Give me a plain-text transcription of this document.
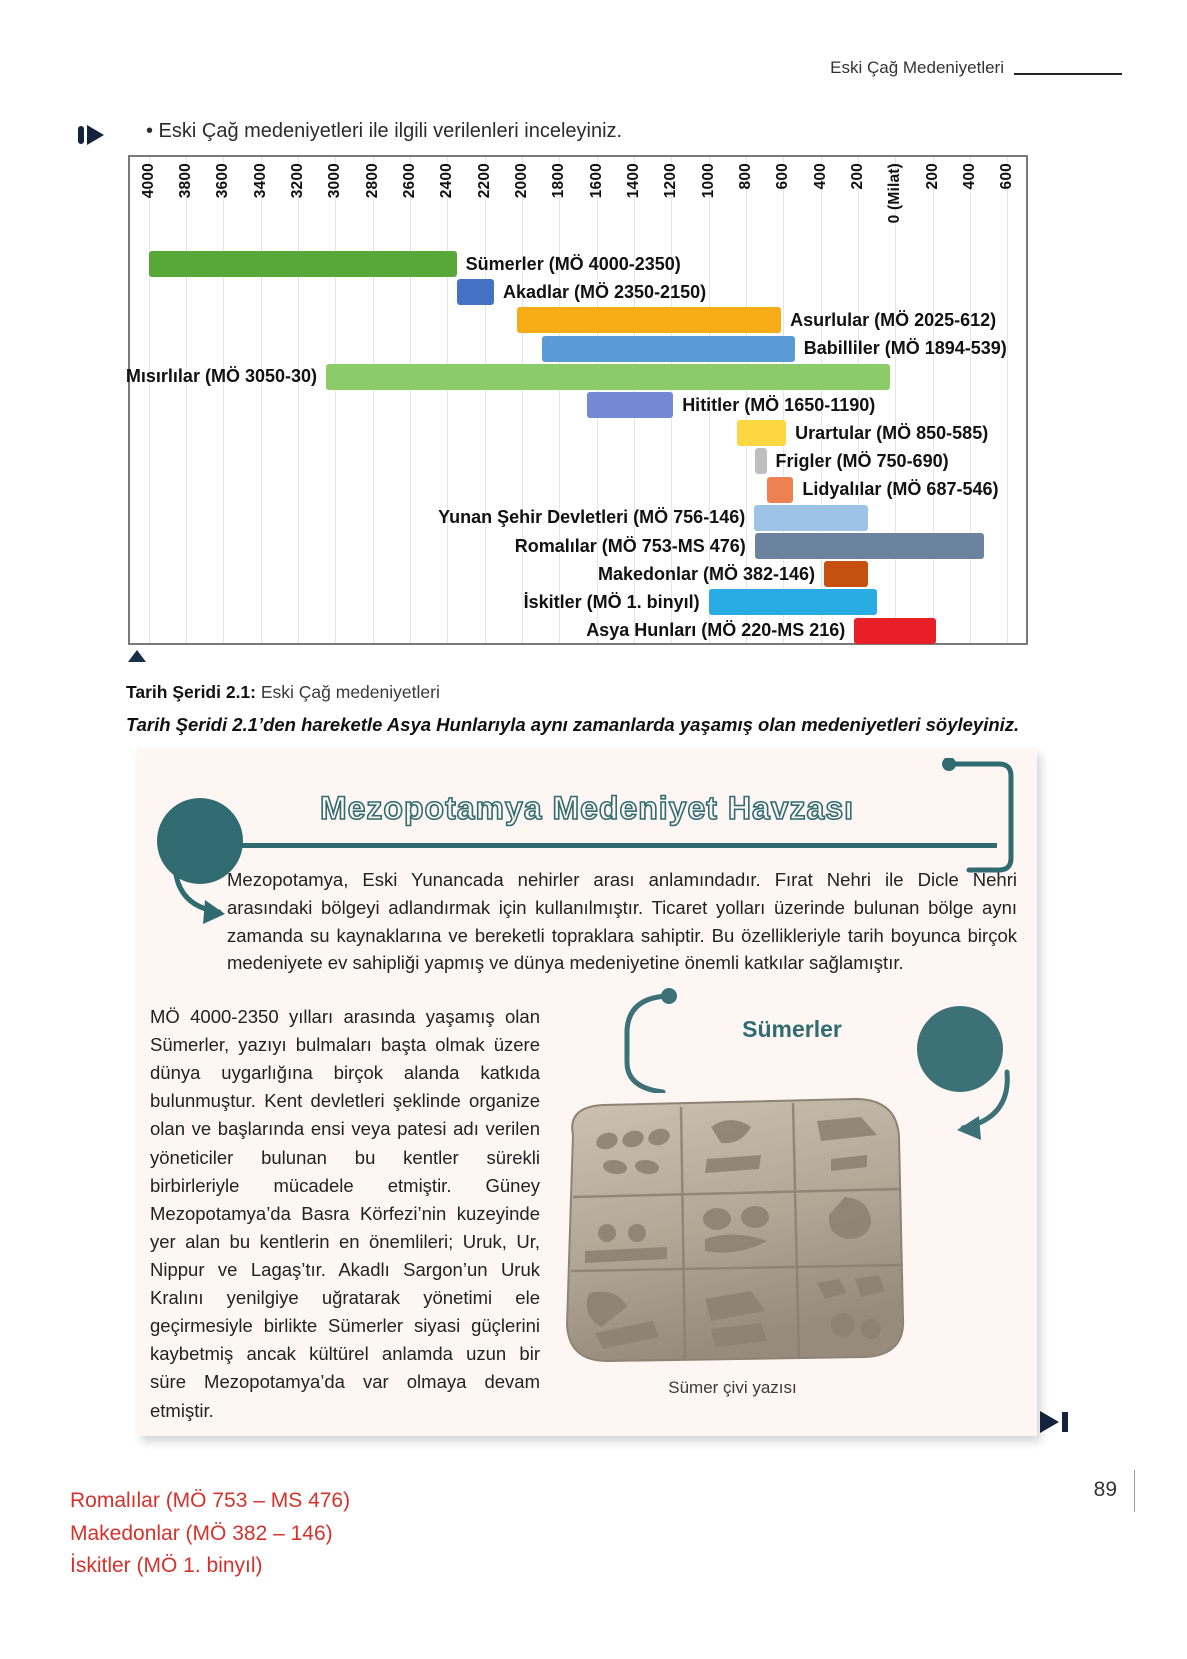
Eski Çağ Medeniyetleri
• Eski Çağ medeniyetleri ile ilgili verilenleri inceleyiniz.
4000 3800 3600 3400 3200 3000 2800 2600 2400 2200 2000 1800 1600 1400 1200 1000 800 600 400 200 0 (Milat) 200 400 600
Sümerler (MÖ 4000-2350)
Akadlar (MÖ 2350-2150)
Asurlular (MÖ 2025-612)
Babilliler (MÖ 1894-539)
Mısırlılar (MÖ 3050-30)
Hititler (MÖ 1650-1190)
Urartular (MÖ 850-585)
Frigler (MÖ 750-690)
Lidyalılar (MÖ 687-546)
Yunan Şehir Devletleri (MÖ 756-146)
Romalılar (MÖ 753-MS 476)
Makedonlar (MÖ 382-146)
İskitler (MÖ 1. binyıl)
Asya Hunları (MÖ 220-MS 216)
Tarih Şeridi 2.1: Eski Çağ medeniyetleri
Tarih Şeridi 2.1’den hareketle Asya Hunlarıyla aynı zamanlarda yaşamış olan medeniyetleri söyleyiniz.
Mezopotamya Medeniyet Havzası
Mezopotamya, Eski Yunancada nehirler arası anlamındadır. Fırat Nehri ile Dicle Nehri arasındaki bölgeyi adlandırmak için kullanılmıştır. Ticaret yolları üzerinde bulunan bölge aynı zamanda su kaynaklarına ve bereketli topraklara sahiptir. Bu özellikleriyle tarih boyunca birçok medeniyete ev sahipliği yapmış ve dünya medeniyetine önemli katkılar sağlamıştır.
MÖ 4000-2350 yılları arasında yaşamış olan Sümerler, yazıyı bulmaları başta olmak üzere dünya uygarlığına birçok alanda katkıda bulunmuştur. Kent devletleri şeklinde organize olan ve başlarında ensi veya patesi adı verilen yöneticiler bulunan bu kentler sürekli birbirleriyle mücadele etmiştir. Güney Mezopotamya’da Basra Körfezi’nin kuzeyinde yer alan bu kentlerin en önemlileri; Uruk, Ur, Nippur ve Lagaş’tır. Akadlı Sargon’un Uruk Kralını yenilgiye uğratarak yönetimi ele geçirmesiyle birlikte Sümerler siyasi güçlerini kaybetmiş ancak kültürel anlamda uzun bir süre Mezopotamya’da var olmaya devam etmiştir.
Sümerler
Sümer çivi yazısı
Romalılar (MÖ 753 – MS 476)
Makedonlar (MÖ 382 – 146)
İskitler (MÖ 1. binyıl)
89
